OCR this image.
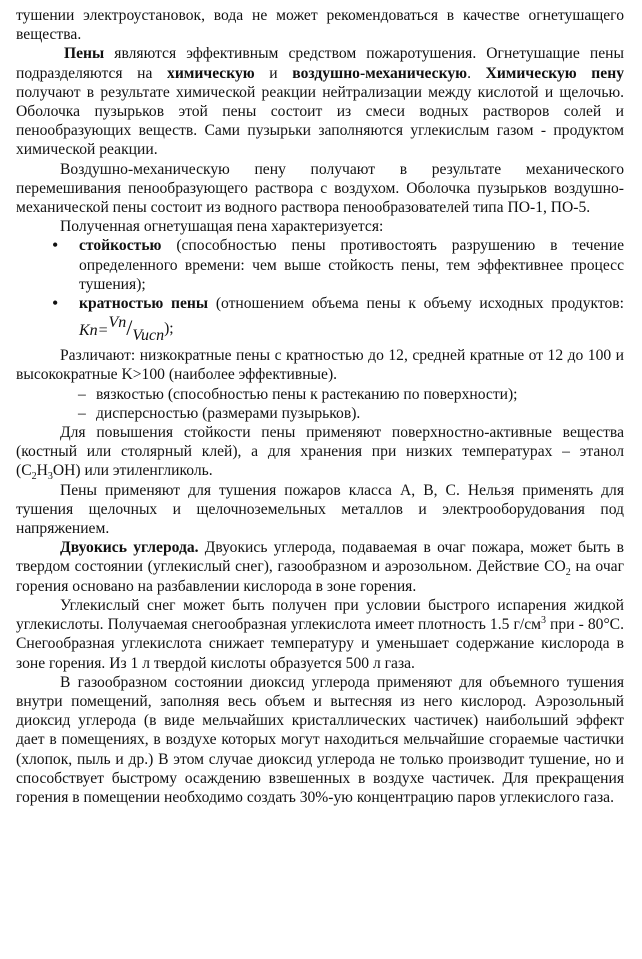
тушении электроустановок, вода не может рекомендоваться в качестве огнетушащего вещества.

Пены являются эффективным средством пожаротушения. Огнетушащие пены подразделяются на химическую и воздушно-механическую. Химическую пену получают в результате химической реакции нейтрализации между кислотой и щелочью. Оболочка пузырьков этой пены состоит из смеси водных растворов солей и пенообразующих веществ. Сами пузырьки заполняются углекислым газом - продуктом химической реакции.

Воздушно-механическую пену получают в результате механического перемешивания пенообразующего раствора с воздухом. Оболочка пузырьков воздушно-механической пены состоит из водного раствора пенообразователей типа ПО-1, ПО-5.

Полученная огнетушащая пена характеризуется:

• стойкостью (способностью пены противостоять разрушению в течение определенного времени: чем выше стойкость пены, тем эффективнее процесс тушения);
• кратностью пены (отношением объема пены к объему исходных продуктов: Kn=Vn/Vucn);

Различают: низкократные пены с кратностью до 12, средней кратные от 12 до 100 и высокократные K>100 (наиболее эффективные).

– вязкостью (способностью пены к растеканию по поверхности);
– дисперсностью (размерами пузырьков).

Для повышения стойкости пены применяют поверхностно-активные вещества (костный или столярный клей), а для хранения при низких температурах – этанол $(C_2H_3OH)$ или этиленгликоль.

Пены применяют для тушения пожаров класса А, В, С. Нельзя применять для тушения щелочных и щелочноземельных металлов и электрооборудования под напряжением.

Двуокись углерода. Двуокись углерода, подаваемая в очаг пожара, может быть в твердом состоянии (углекислый снег), газообразном и аэрозольном. Действие $CO_2$ на очаг горения основано на разбавлении кислорода в зоне горения.

Углекислый снег может быть получен при условии быстрого испарения жидкой углекислоты. Получаемая снегообразная углекислота имеет плотность 1.5 $г/см^3$ при - 80°С. Снегообразная углекислота снижает температуру и уменьшает содержание кислорода в зоне горения. Из 1 л твердой кислоты образуется 500 л газа.

В газообразном состоянии диоксид углерода применяют для объемного тушения внутри помещений, заполняя весь объем и вытесняя из него кислород. Аэрозольный диоксид углерода (в виде мельчайших кристаллических частичек) наибольший эффект дает в помещениях, в воздухе которых могут находиться мельчайшие сгораемые частички (хлопок, пыль и др.) В этом случае диоксид углерода не только производит тушение, но и способствует быстрому осаждению взвешенных в воздухе частичек. Для прекращения горения в помещении необходимо создать 30%-ую концентрацию паров углекислого газа.
